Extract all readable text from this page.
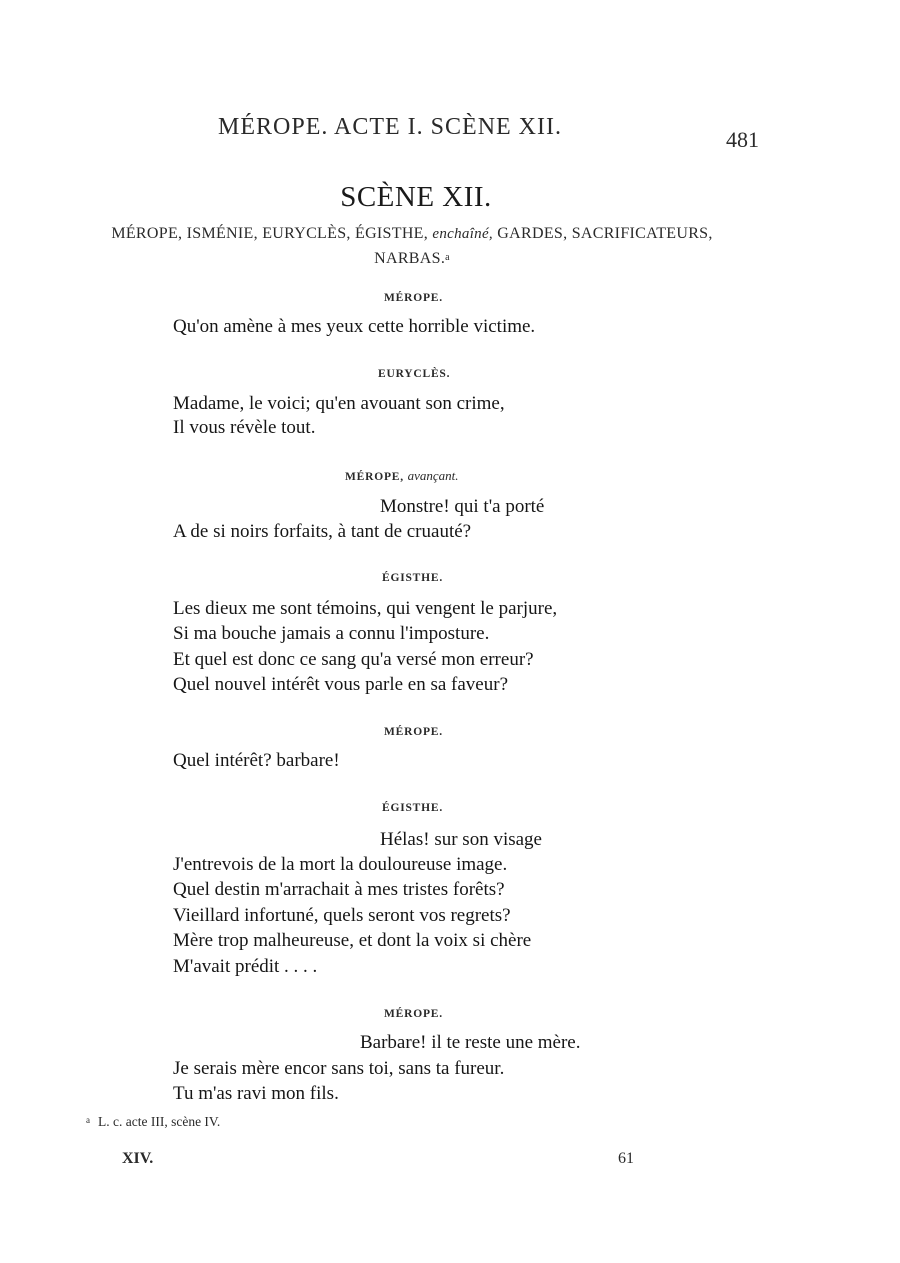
MÉROPE. ACTE I. SCÈNE XII.	481
SCÈNE XII.
MÉROPE, ISMÉNIE, EURYCLÈS, ÉGISTHE, enchaîné, GARDES, SACRIFICATEURS,
NARBAS.$^a$
MÉROPE.
Qu'on amène à mes yeux cette horrible victime.
EURYCLÈS.
Madame, le voici; qu'en avouant son crime,
Il vous révèle tout.
MÉROPE, avançant.
Monstre! qui t'a porté
A de si noirs forfaits, à tant de cruauté?
ÉGISTHE.
Les dieux me sont témoins, qui vengent le parjure,
Si ma bouche jamais a connu l'imposture.
Et quel est donc ce sang qu'a versé mon erreur?
Quel nouvel intérêt vous parle en sa faveur?
MÉROPE.
Quel intérêt? barbare!
ÉGISTHE.
Hélas! sur son visage
J'entrevois de la mort la douloureuse image.
Quel destin m'arrachait à mes tristes forêts?
Vieillard infortuné, quels seront vos regrets?
Mère trop malheureuse, et dont la voix si chère
M'avait prédit . . . .
MÉROPE.
Barbare! il te reste une mère.
Je serais mère encor sans toi, sans ta fureur.
Tu m'as ravi mon fils.
$^a$ L. c. acte III, scène IV.
XIV.	61
